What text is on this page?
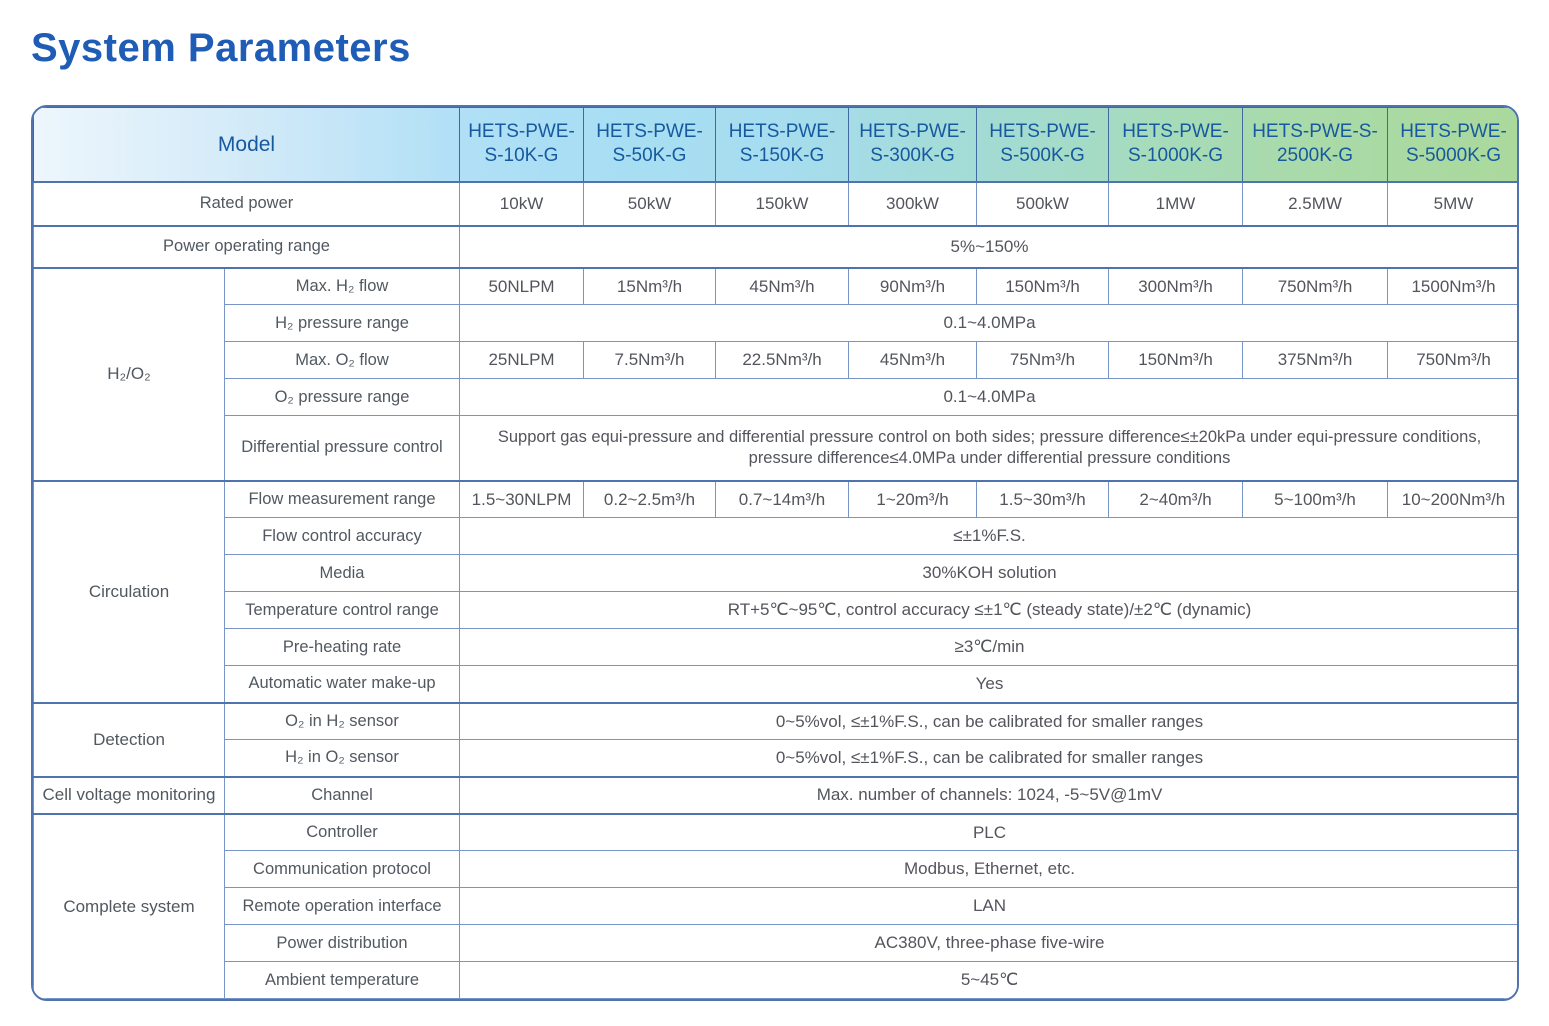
System Parameters
Model		HETS-PWE-S-10K-G	HETS-PWE-S-50K-G	HETS-PWE-S-150K-G	HETS-PWE-S-300K-G	HETS-PWE-S-500K-G	HETS-PWE-S-1000K-G	HETS-PWE-S-2500K-G	HETS-PWE-S-5000K-G
Rated power		10kW	50kW	150kW	300kW	500kW	1MW	2.5MW	5MW
Power operating range		5%~150%							
H₂/O₂	Max. H₂ flow	50NLPM	15Nm³/h	45Nm³/h	90Nm³/h	150Nm³/h	300Nm³/h	750Nm³/h	1500Nm³/h
	H₂ pressure range	0.1~4.0MPa							
	Max. O₂ flow	25NLPM	7.5Nm³/h	22.5Nm³/h	45Nm³/h	75Nm³/h	150Nm³/h	375Nm³/h	750Nm³/h
	O₂ pressure range	0.1~4.0MPa							
	Differential pressure control	Support gas equi-pressure and differential pressure control on both sides; pressure difference≤±20kPa under equi-pressure conditions, pressure difference≤4.0MPa under differential pressure conditions							
Circulation	Flow measurement range	1.5~30NLPM	0.2~2.5m³/h	0.7~14m³/h	1~20m³/h	1.5~30m³/h	2~40m³/h	5~100m³/h	10~200Nm³/h
	Flow control accuracy	≤±1%F.S.							
	Media	30%KOH solution							
	Temperature control range	RT+5℃~95℃, control accuracy ≤±1℃ (steady state)/±2℃ (dynamic)							
	Pre-heating rate	≥3℃/min							
	Automatic water make-up	Yes							
Detection	O₂ in H₂ sensor	0~5%vol, ≤±1%F.S., can be calibrated for smaller ranges							
	H₂ in O₂ sensor	0~5%vol, ≤±1%F.S., can be calibrated for smaller ranges							
Cell voltage monitoring	Channel	Max. number of channels: 1024, -5~5V@1mV							
Complete system	Controller	PLC							
	Communication protocol	Modbus, Ethernet, etc.							
	Remote operation interface	LAN							
	Power distribution	AC380V, three-phase five-wire							
	Ambient temperature	5~45℃							
